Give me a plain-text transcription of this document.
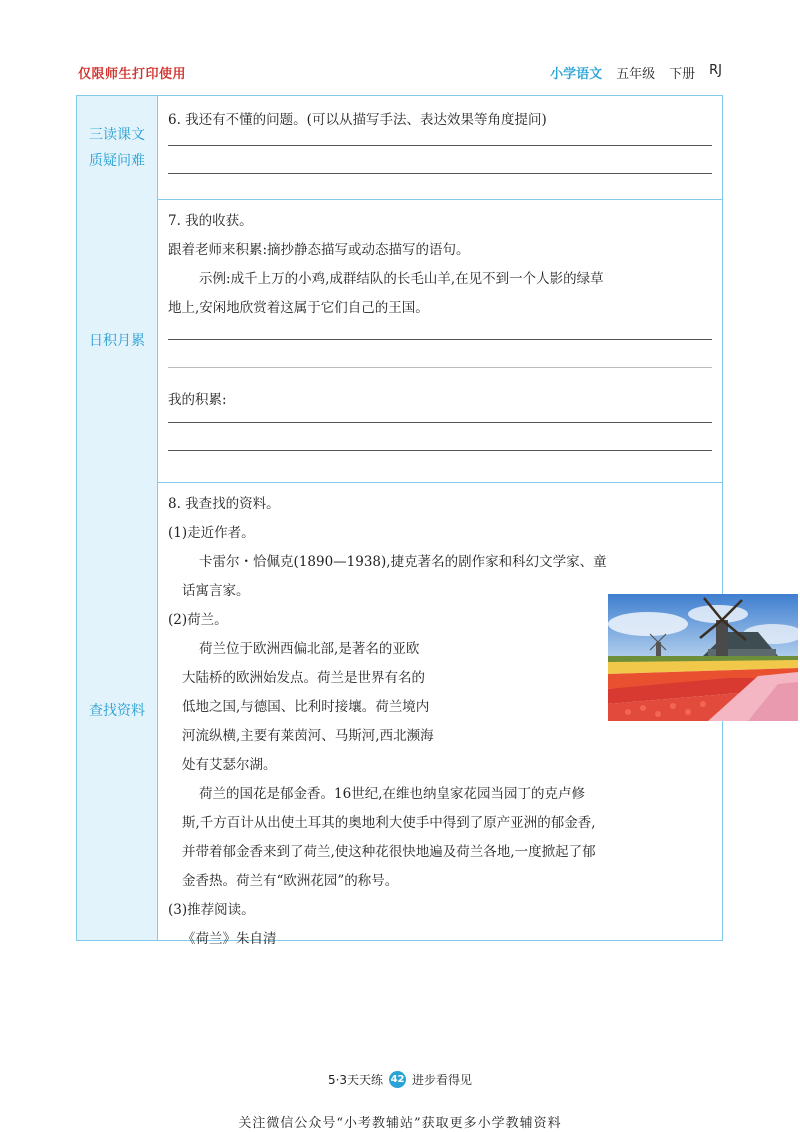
仅限师生打印使用	小学语文 五年级 下册 RJ
三读课文
质疑问难
6. 我还有不懂的问题。(可以从描写手法、表达效果等角度提问)
日积月累
7. 我的收获。
跟着老师来积累:摘抄静态描写或动态描写的语句。
示例:成千上万的小鸡,成群结队的长毛山羊,在见不到一个人影的绿草
地上,安闲地欣赏着这属于它们自己的王国。
我的积累:
查找资料
8. 我查找的资料。
(1)走近作者。
卡雷尔・恰佩克(1890—1938),捷克著名的剧作家和科幻文学家、童
话寓言家。
(2)荷兰。
荷兰位于欧洲西偏北部,是著名的亚欧
大陆桥的欧洲始发点。荷兰是世界有名的
低地之国,与德国、比利时接壤。荷兰境内
河流纵横,主要有莱茵河、马斯河,西北濒海
处有艾瑟尔湖。
荷兰的国花是郁金香。16世纪,在维也纳皇家花园当园丁的克卢修
斯,千方百计从出使土耳其的奥地利大使手中得到了原产亚洲的郁金香,
并带着郁金香来到了荷兰,使这种花很快地遍及荷兰各地,一度掀起了郁
金香热。荷兰有“欧洲花园”的称号。
(3)推荐阅读。
《荷兰》朱自清
5·3天天练 42 进步看得见
关注微信公众号“小考教辅站”获取更多小学教辅资料
